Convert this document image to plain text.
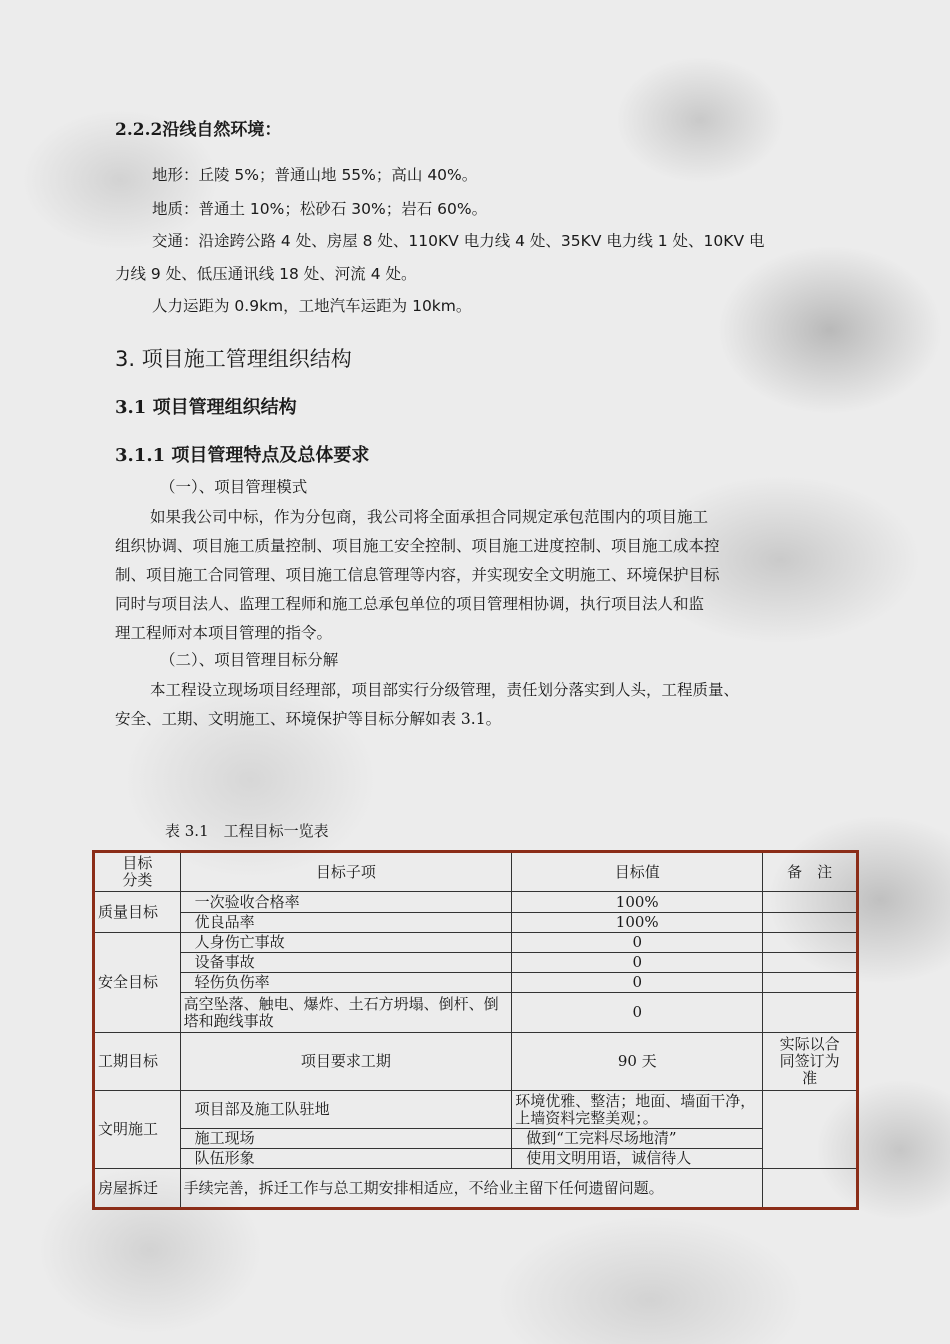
2.2.2沿线自然环境：
地形：丘陵 5%；普通山地 55%；高山 40%。
地质：普通土 10%；松砂石 30%；岩石 60%。
交通：沿途跨公路 4 处、房屋 8 处、110KV 电力线 4 处、35KV 电力线 1 处、10KV 电
力线 9 处、低压通讯线 18 处、河流 4 处。
人力运距为 0.9km，工地汽车运距为 10km。
3. 项目施工管理组织结构
3.1 项目管理组织结构
3.1.1 项目管理特点及总体要求
（一）、项目管理模式
如果我公司中标，作为分包商，我公司将全面承担合同规定承包范围内的项目施工
组织协调、项目施工质量控制、项目施工安全控制、项目施工进度控制、项目施工成本控
制、项目施工合同管理、项目施工信息管理等内容，并实现安全文明施工、环境保护目标
同时与项目法人、监理工程师和施工总承包单位的项目管理相协调，执行项目法人和监
理工程师对本项目管理的指令。
（二）、项目管理目标分解
本工程设立现场项目经理部，项目部实行分级管理，责任划分落实到人头，工程质量、
安全、工期、文明施工、环境保护等目标分解如表 3.1。
表 3.1　工程目标一览表
目标
分类	目标子项	目标值	备　注
质量目标	一次验收合格率	100%	
	优良品率	100%	
安全目标	人身伤亡事故	0	
	设备事故	0	
	轻伤负伤率	0	
	高空坠落、触电、爆炸、土石方坍塌、倒杆、倒塔和跑线事故	0	
工期目标	项目要求工期	90 天	实际以合同签订为准
文明施工	项目部及施工队驻地	环境优雅、整洁；地面、墙面干净，上墙资料完整美观；。	
	施工现场	做到“工完料尽场地清”	
	队伍形象	使用文明用语，诚信待人	
房屋拆迁	手续完善，拆迁工作与总工期安排相适应，不给业主留下任何遗留问题。		
